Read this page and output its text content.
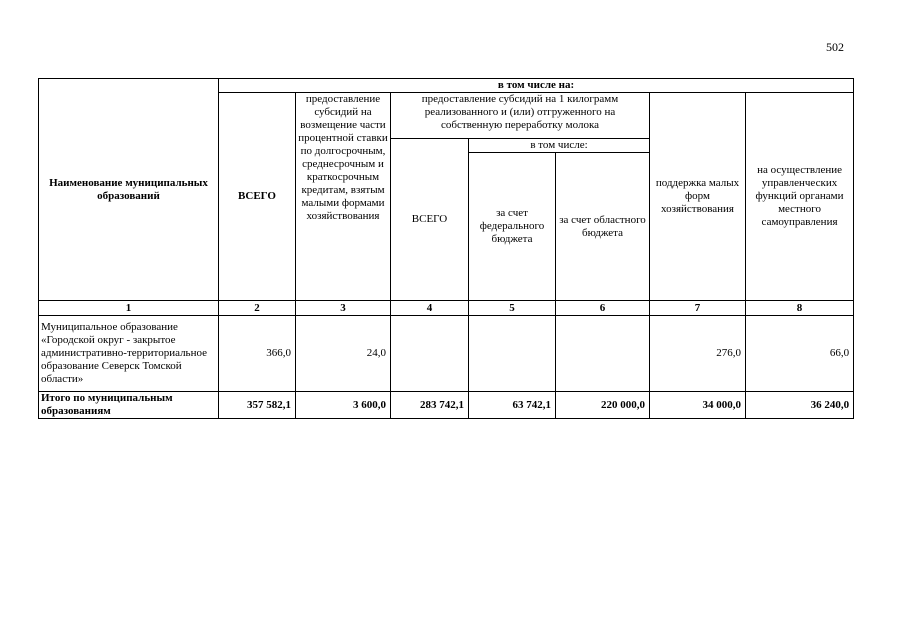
502
Наименование муниципальных образований	в том числе на:						
	ВСЕГО	предоставление субсидий на возмещение части процентной ставки по долгосрочным, среднесрочным и краткосрочным кредитам, взятым малыми формами хозяйствования	предоставление субсидий на 1 килограмм реализованного и (или) отгруженного на собственную переработку молока			поддержка малых форм хозяйствования	на осуществление управленческих функций органами местного самоуправления
			ВСЕГО	в том числе:			
				за счет федерального бюджета	за счет областного бюджета		
1	2	3	4	5	6	7	8
Муниципальное образование «Городской округ - закрытое административно-территориальное образование Северск Томской области»	366,0	24,0				276,0	66,0
Итого по муниципальным образованиям	357 582,1	3 600,0	283 742,1	63 742,1	220 000,0	34 000,0	36 240,0
